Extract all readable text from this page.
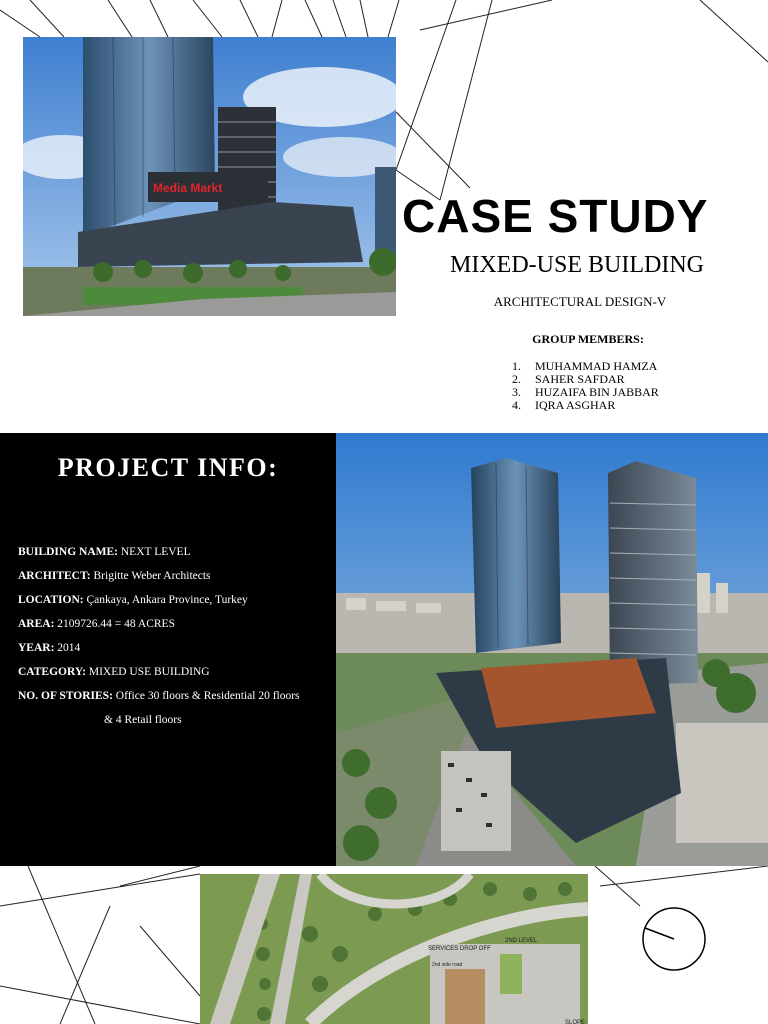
Media Markt
CASE STUDY
MIXED-USE BUILDING
ARCHITECTURAL DESIGN-V
GROUP MEMBERS:
1.	MUHAMMAD HAMZA
2.	SAHER SAFDAR
3.	HUZAIFA BIN JABBAR
4.	IQRA ASGHAR
PROJECT INFO:
BUILDING NAME: NEXT LEVEL
ARCHITECT: Brigitte Weber Architects
LOCATION: Çankaya, Ankara Province, Turkey
AREA: 2109726.44 = 48 ACRES
YEAR: 2014
CATEGORY: MIXED USE BUILDING
NO. OF STORIES: Office 30 floors & Residential 20 floors
& 4 Retail floors
SERVICES DROP OFF
2ND LEVEL
2nd side road
SLOPE
